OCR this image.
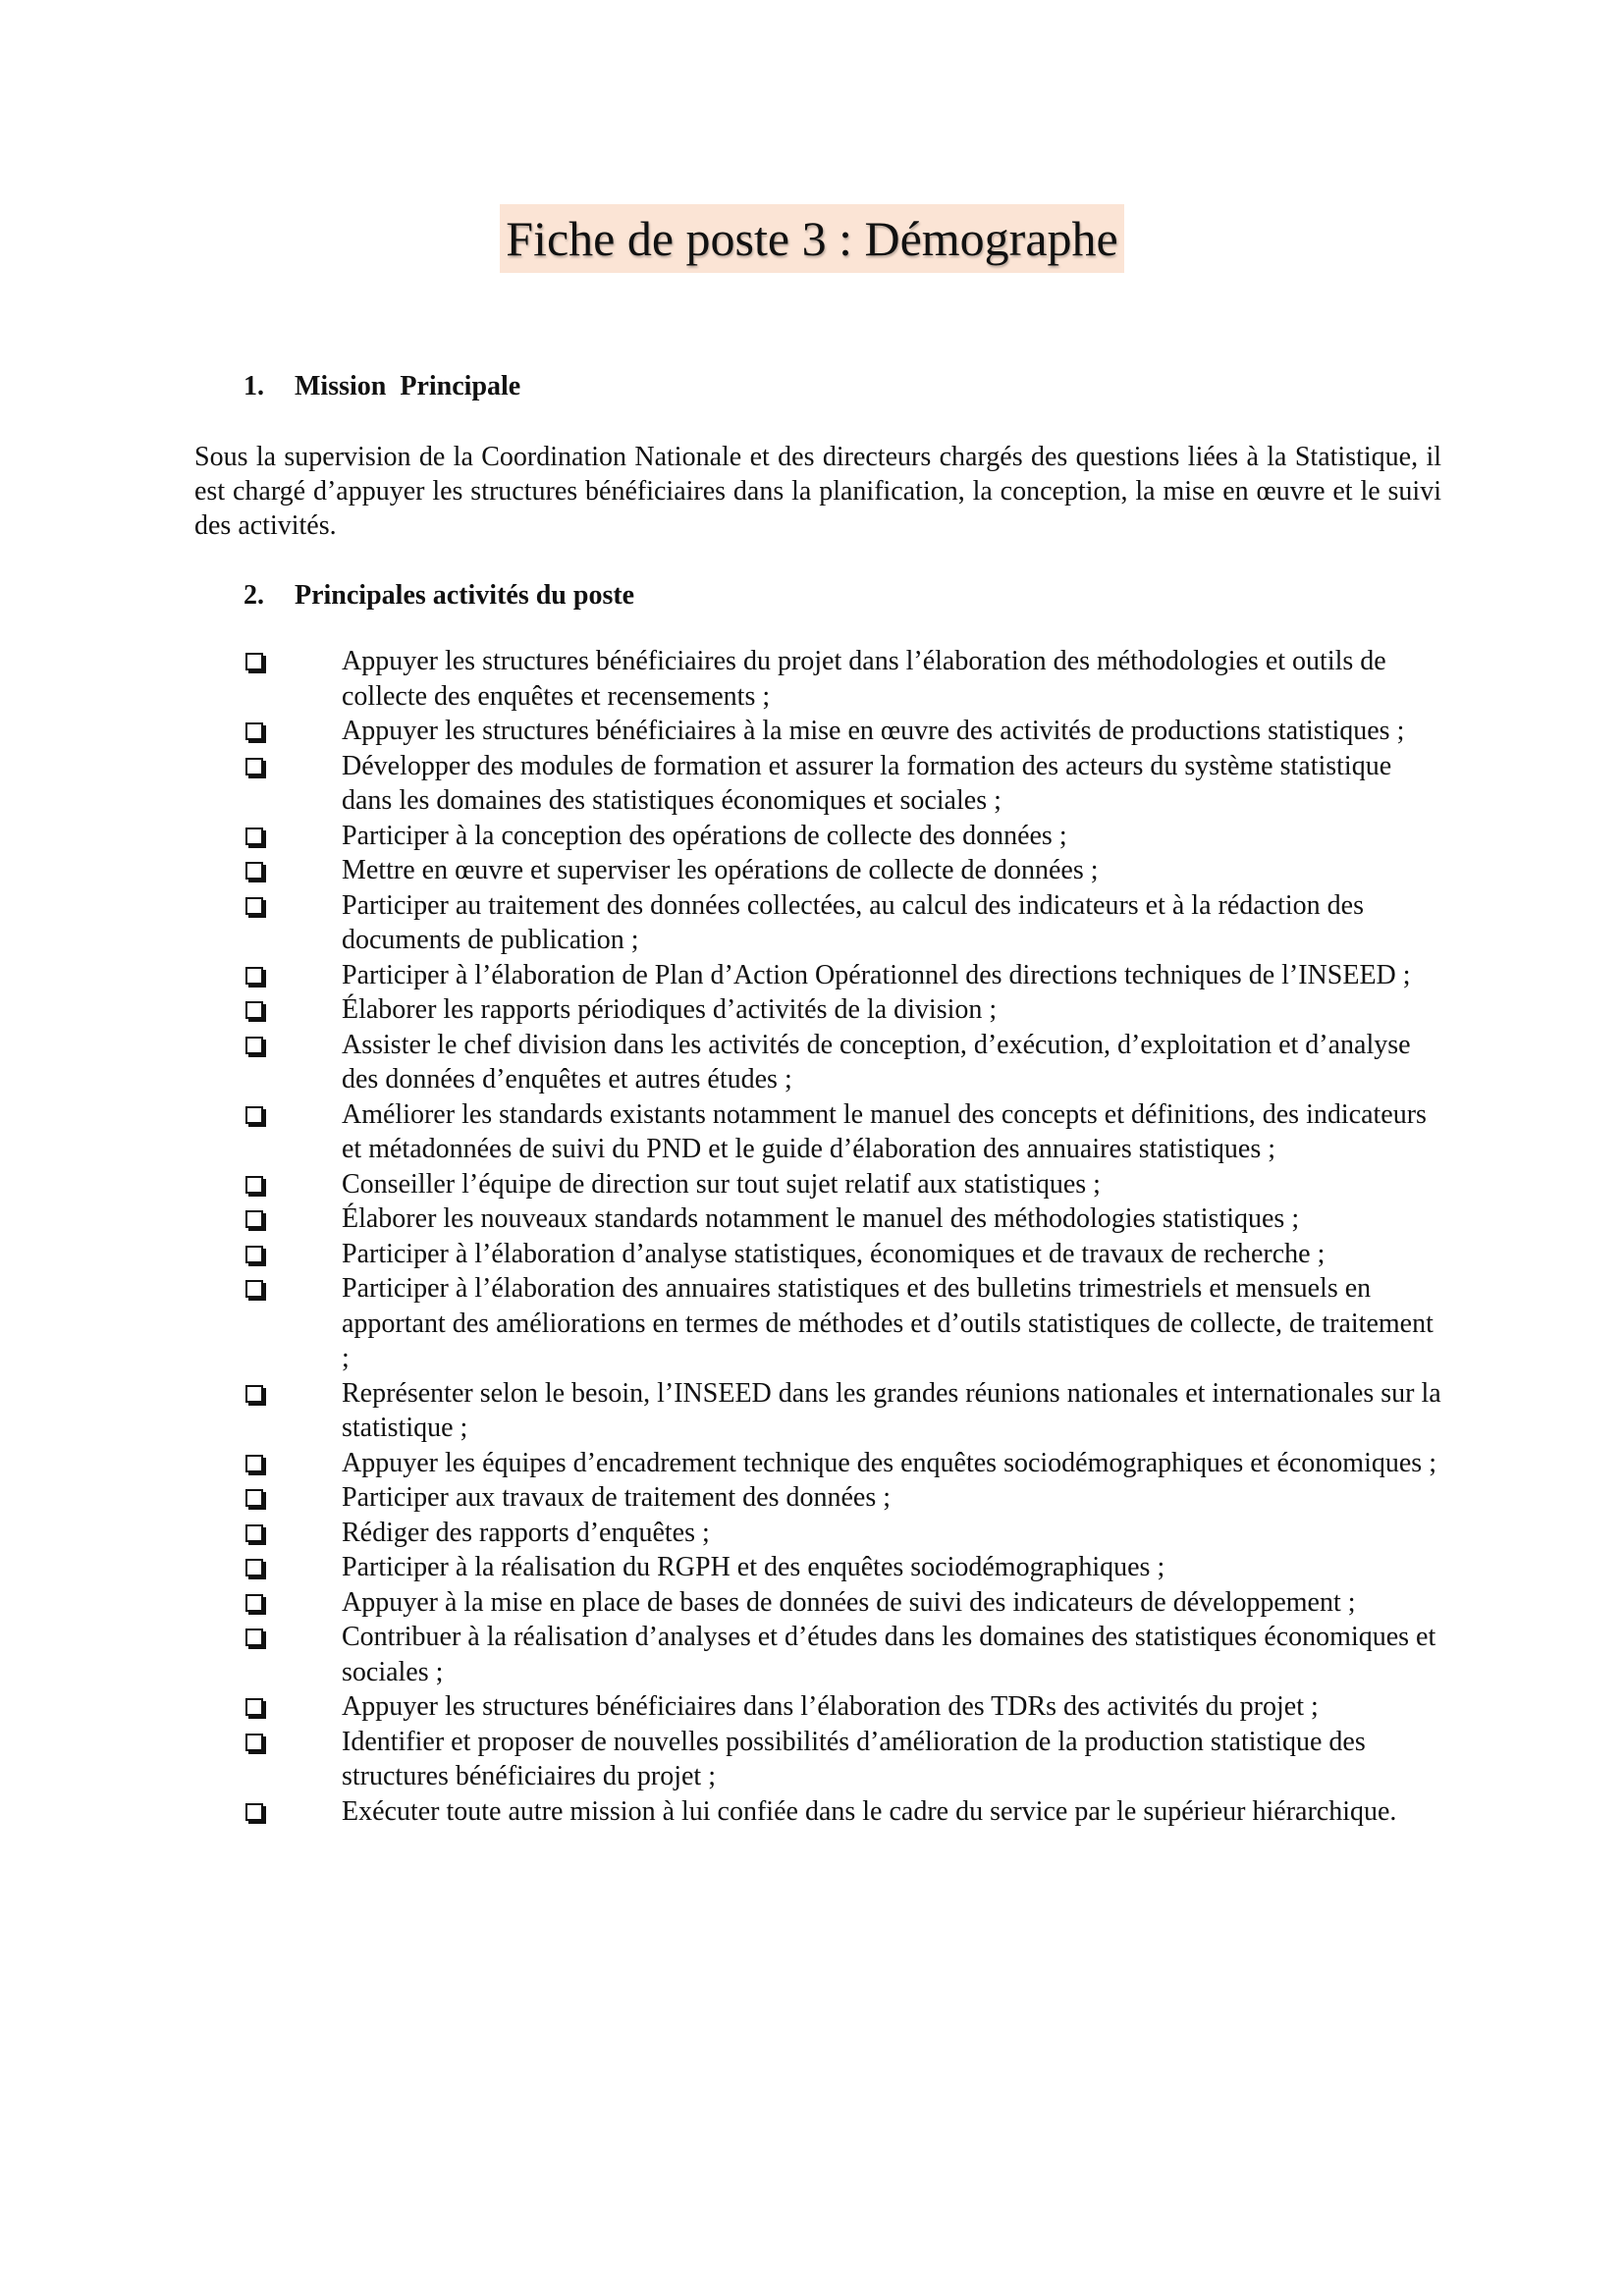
Fiche de poste 3 : Démographe
1. Mission  Principale

Sous la supervision de la Coordination Nationale et des directeurs chargés des questions liées à la Statistique, il est chargé d’appuyer les structures bénéficiaires dans la planification, la conception, la mise en œuvre et le suivi des activités.

2. Principales activités du poste
Appuyer les structures bénéficiaires du projet dans l’élaboration des méthodologies et outils de collecte des enquêtes et recensements ;
Appuyer les structures bénéficiaires à la mise en œuvre des activités de productions statistiques ;
Développer des modules de formation et assurer la formation des acteurs du système statistique dans les domaines des statistiques économiques et sociales ;
Participer à la conception des opérations de collecte des données ;
Mettre en œuvre et superviser les opérations de collecte de données ;
Participer au traitement des données collectées, au calcul des indicateurs et à la rédaction des documents de publication ;
Participer à l’élaboration de Plan d’Action Opérationnel des directions techniques de l’INSEED ;
Élaborer les rapports périodiques d’activités de la division ;
Assister le chef division dans les activités de conception, d’exécution, d’exploitation et d’analyse des données d’enquêtes et autres études ;
Améliorer les standards existants notamment le manuel des concepts et définitions, des indicateurs et métadonnées de suivi du PND et le guide d’élaboration des annuaires statistiques ;
Conseiller l’équipe de direction sur tout sujet relatif aux statistiques ;
Élaborer les nouveaux standards notamment le manuel des méthodologies statistiques ;
Participer à l’élaboration d’analyse statistiques, économiques et de travaux de recherche ;
Participer à l’élaboration des annuaires statistiques et des bulletins trimestriels et mensuels en apportant des améliorations en termes de méthodes et d’outils statistiques de collecte, de traitement ;
Représenter selon le besoin, l’INSEED dans les grandes réunions nationales et internationales sur la statistique ;
Appuyer les équipes d’encadrement technique des enquêtes sociodémographiques et économiques ;
Participer aux travaux de traitement des données ;
Rédiger des rapports d’enquêtes ;
Participer à la réalisation du RGPH et des enquêtes sociodémographiques ;
Appuyer à la mise en place de bases de données de suivi des indicateurs de développement ;
Contribuer à la réalisation d’analyses et d’études dans les domaines des statistiques économiques et sociales ;
Appuyer les structures bénéficiaires dans l’élaboration des TDRs des activités du projet ;
Identifier et proposer de nouvelles possibilités d’amélioration de la production statistique des structures bénéficiaires du projet ;
Exécuter toute autre mission à lui confiée dans le cadre du service par le supérieur hiérarchique.
